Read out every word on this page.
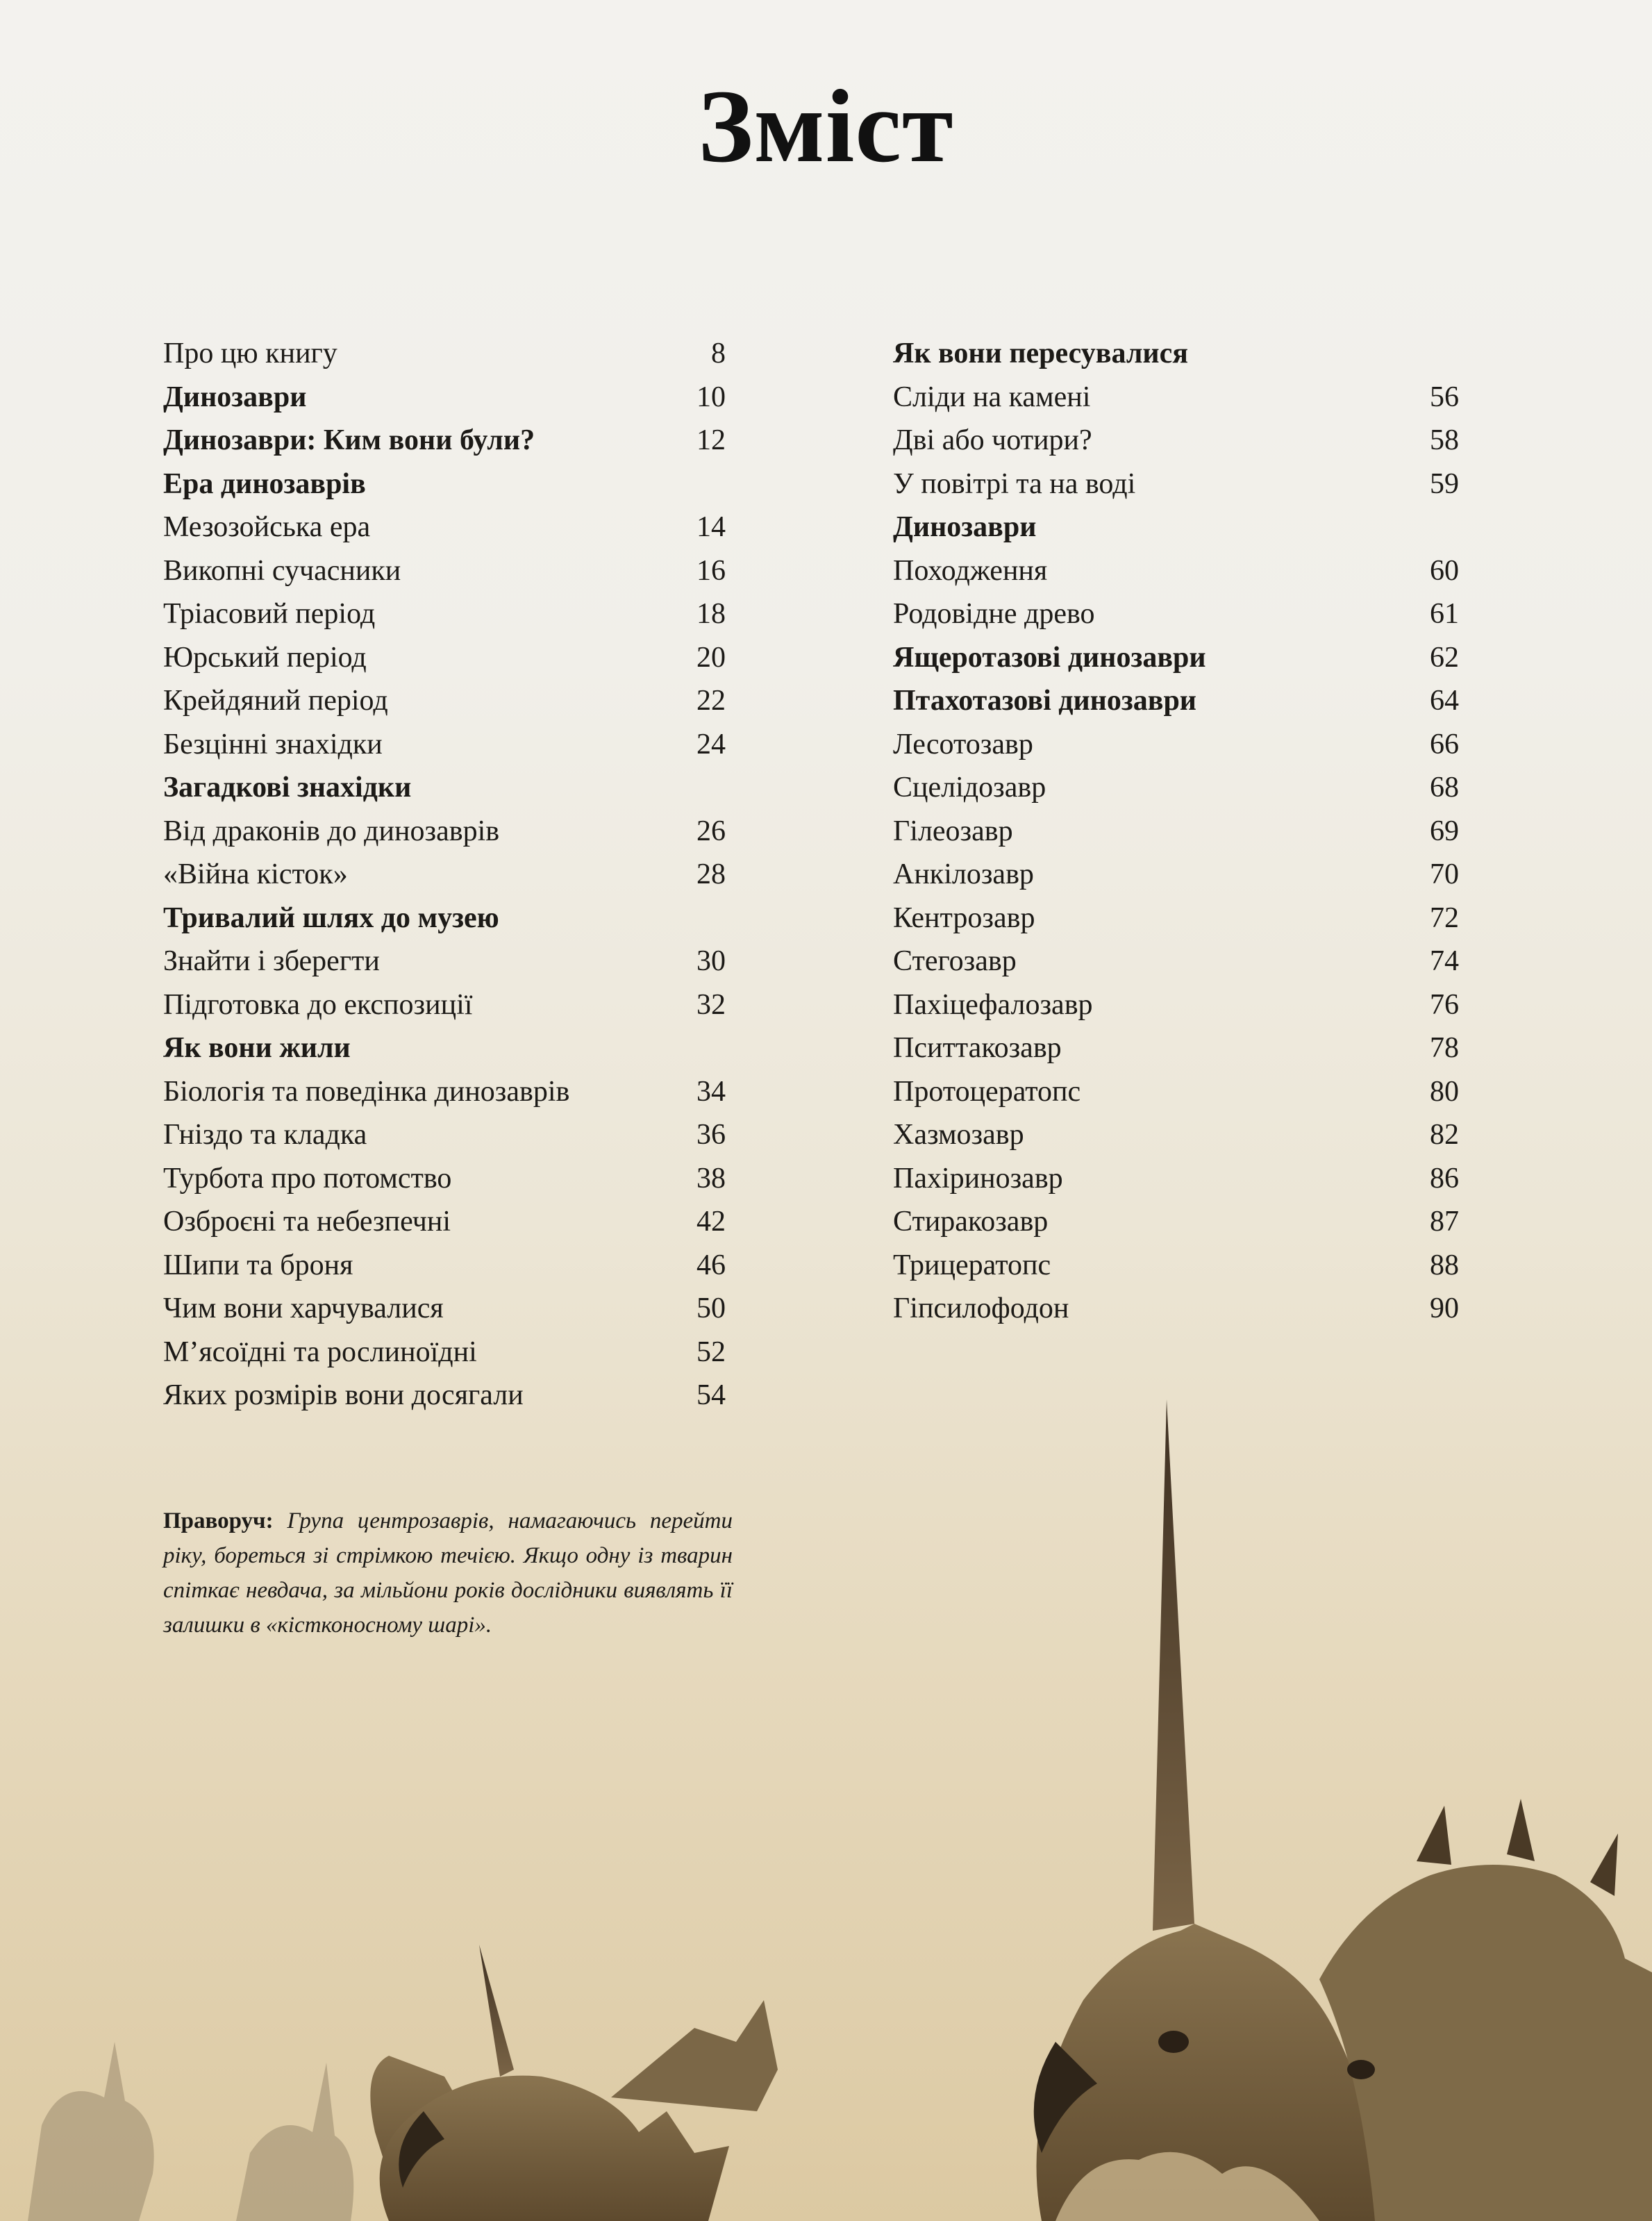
Зміст
Про цю книгу	8
Динозаври	10
Динозаври: Ким вони були?	12
Ера динозаврів
Мезозойська ера	14
Викопні сучасники	16
Тріасовий період	18
Юрський період	20
Крейдяний період	22
Безцінні знахідки	24
Загадкові знахідки
Від драконів до динозаврів	26
«Війна кісток»	28
Тривалий шлях до музею
Знайти і зберегти	30
Підготовка до експозиції	32
Як вони жили
Біологія та поведінка динозаврів	34
Гніздо та кладка	36
Турбота про потомство	38
Озброєні та небезпечні	42
Шипи та броня	46
Чим вони харчувалися	50
М’ясоїдні та рослиноїдні	52
Яких розмірів вони досягали	54
Як вони пересувалися
Сліди на камені	56
Дві або чотири?	58
У повітрі та на воді	59
Динозаври
Походження	60
Родовідне древо	61
Ящеротазові динозаври	62
Птахотазові динозаври	64
Лесотозавр	66
Сцелідозавр	68
Гілеозавр	69
Анкілозавр	70
Кентрозавр	72
Стегозавр	74
Пахіцефалозавр	76
Пситтакозавр	78
Протоцератопс	80
Хазмозавр	82
Пахіринозавр	86
Стиракозавр	87
Трицератопс	88
Гіпсилофодон	90
Праворуч: Група центрозаврів, намагаючись перейти ріку, бореться зі стрімкою течією. Якщо одну із тварин спіткає невдача, за мільйони років дослідники виявлять її залишки в «кістконосному шарі».
